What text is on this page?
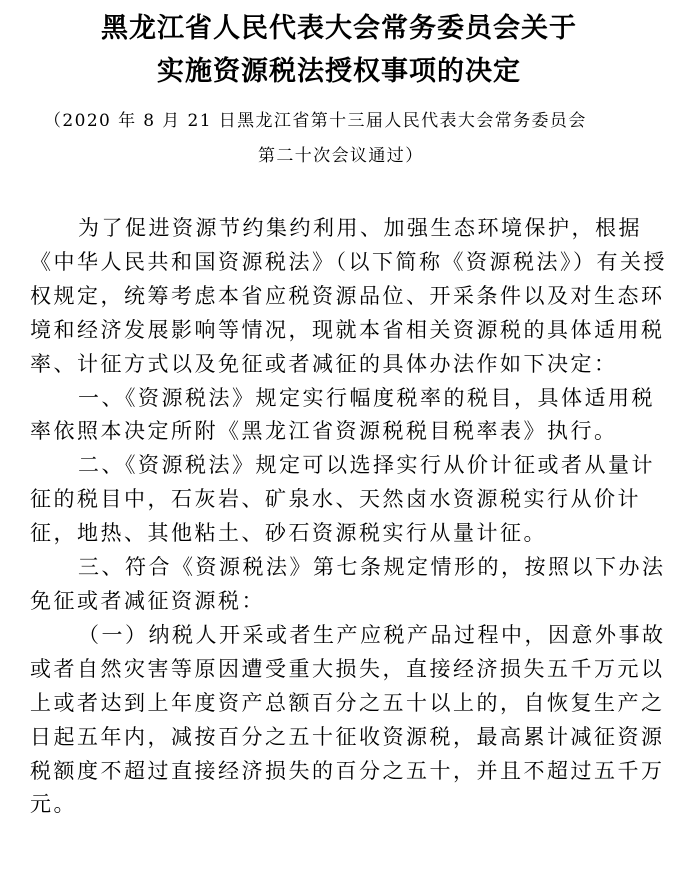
黑龙江省人民代表大会常务委员会关于
实施资源税法授权事项的决定
（2020 年 8 月 21 日黑龙江省第十三届人民代表大会常务委员会
第二十次会议通过）

为了促进资源节约集约利用、加强生态环境保护，根据《中华人民共和国资源税法》（以下简称《资源税法》）有关授权规定，统筹考虑本省应税资源品位、开采条件以及对生态环境和经济发展影响等情况，现就本省相关资源税的具体适用税率、计征方式以及免征或者减征的具体办法作如下决定：

一、《资源税法》规定实行幅度税率的税目，具体适用税率依照本决定所附《黑龙江省资源税税目税率表》执行。

二、《资源税法》规定可以选择实行从价计征或者从量计征的税目中，石灰岩、矿泉水、天然卤水资源税实行从价计征，地热、其他粘土、砂石资源税实行从量计征。

三、符合《资源税法》第七条规定情形的，按照以下办法免征或者减征资源税：

（一）纳税人开采或者生产应税产品过程中，因意外事故或者自然灾害等原因遭受重大损失，直接经济损失五千万元以上或者达到上年度资产总额百分之五十以上的，自恢复生产之日起五年内，减按百分之五十征收资源税，最高累计减征资源税额度不超过直接经济损失的百分之五十，并且不超过五千万元。
